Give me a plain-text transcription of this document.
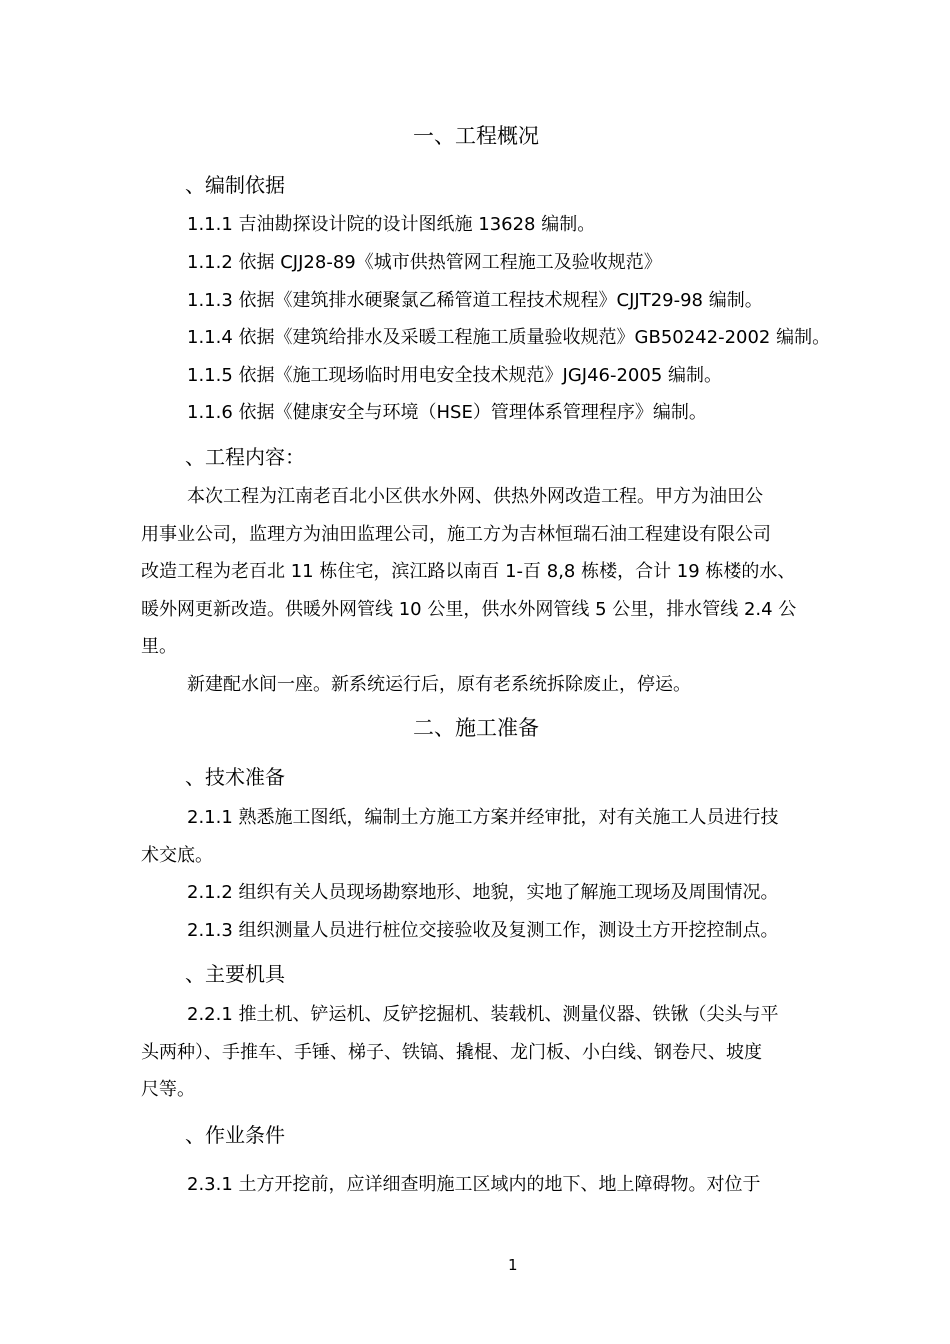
一、工程概况
、编制依据
1.1.1 吉油勘探设计院的设计图纸施 13628 编制。
1.1.2 依据 CJJ28-89《城市供热管网工程施工及验收规范》
1.1.3 依据《建筑排水硬聚氯乙稀管道工程技术规程》CJJT29-98 编制。
1.1.4 依据《建筑给排水及采暖工程施工质量验收规范》GB50242-2002 编制。
1.1.5 依据《施工现场临时用电安全技术规范》JGJ46-2005 编制。
1.1.6 依据《健康安全与环境（HSE）管理体系管理程序》编制。
、工程内容：
本次工程为江南老百北小区供水外网、供热外网改造工程。甲方为油田公
用事业公司，监理方为油田监理公司，施工方为吉林恒瑞石油工程建设有限公司
改造工程为老百北 11 栋住宅，滨江路以南百 1-百 8,8 栋楼，合计 19 栋楼的水、
暖外网更新改造。供暖外网管线 10 公里，供水外网管线 5 公里，排水管线 2.4 公
里。
新建配水间一座。新系统运行后，原有老系统拆除废止，停运。
二、施工准备
、技术准备
2.1.1 熟悉施工图纸，编制土方施工方案并经审批，对有关施工人员进行技
术交底。
2.1.2 组织有关人员现场勘察地形、地貌，实地了解施工现场及周围情况。
2.1.3 组织测量人员进行桩位交接验收及复测工作，测设土方开挖控制点。
、主要机具
2.2.1 推土机、铲运机、反铲挖掘机、装载机、测量仪器、铁锹（尖头与平
头两种）、手推车、手锤、梯子、铁镐、撬棍、龙门板、小白线、钢卷尺、坡度
尺等。
、作业条件
2.3.1 土方开挖前，应详细查明施工区域内的地下、地上障碍物。对位于
1
